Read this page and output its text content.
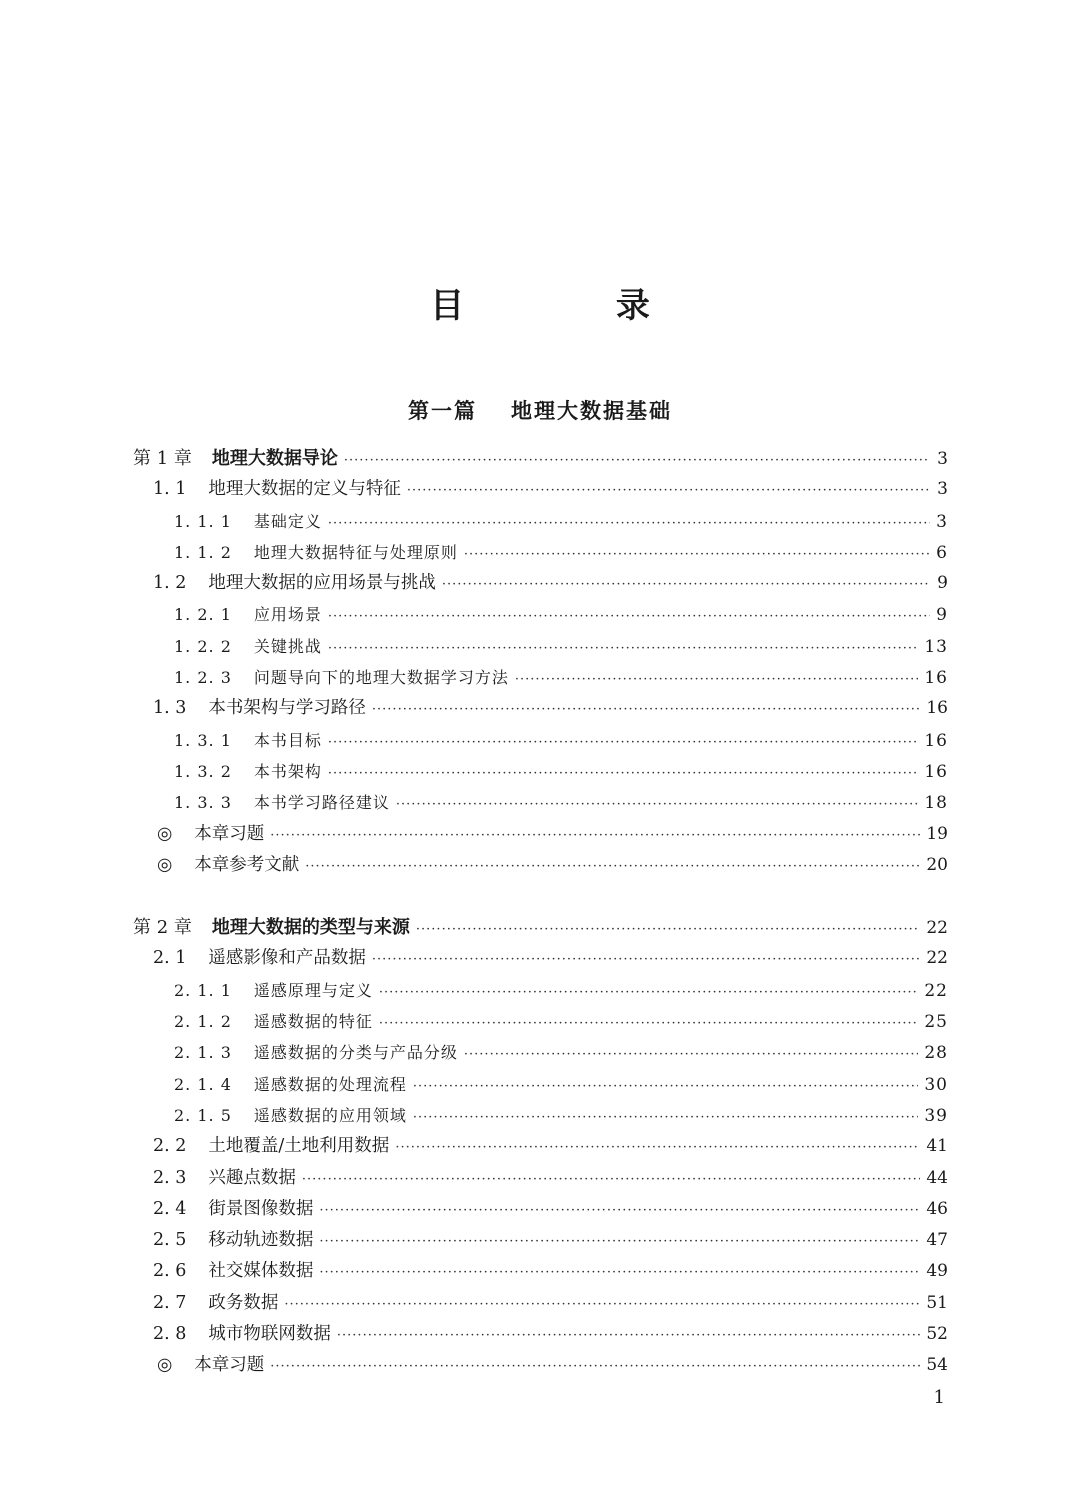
目 录
第一篇 地理大数据基础
第 1 章 地理大数据导论 ·····	3
1. 1 地理大数据的定义与特征 ·····	3
1. 1. 1 基础定义 ·····	3
1. 1. 2 地理大数据特征与处理原则 ·····	6
1. 2 地理大数据的应用场景与挑战 ·····	9
1. 2. 1 应用场景 ·····	9
1. 2. 2 关键挑战 ·····	13
1. 2. 3 问题导向下的地理大数据学习方法 ·····	16
1. 3 本书架构与学习路径 ·····	16
1. 3. 1 本书目标 ·····	16
1. 3. 2 本书架构 ·····	16
1. 3. 3 本书学习路径建议 ·····	18
◎ 本章习题 ·····	19
◎ 本章参考文献 ·····	20
第 2 章 地理大数据的类型与来源 ·····	22
2. 1 遥感影像和产品数据 ·····	22
2. 1. 1 遥感原理与定义 ·····	22
2. 1. 2 遥感数据的特征 ·····	25
2. 1. 3 遥感数据的分类与产品分级 ·····	28
2. 1. 4 遥感数据的处理流程 ·····	30
2. 1. 5 遥感数据的应用领域 ·····	39
2. 2 土地覆盖/土地利用数据 ·····	41
2. 3 兴趣点数据 ·····	44
2. 4 街景图像数据 ·····	46
2. 5 移动轨迹数据 ·····	47
2. 6 社交媒体数据 ·····	49
2. 7 政务数据 ·····	51
2. 8 城市物联网数据 ·····	52
◎ 本章习题 ·····	54
1
